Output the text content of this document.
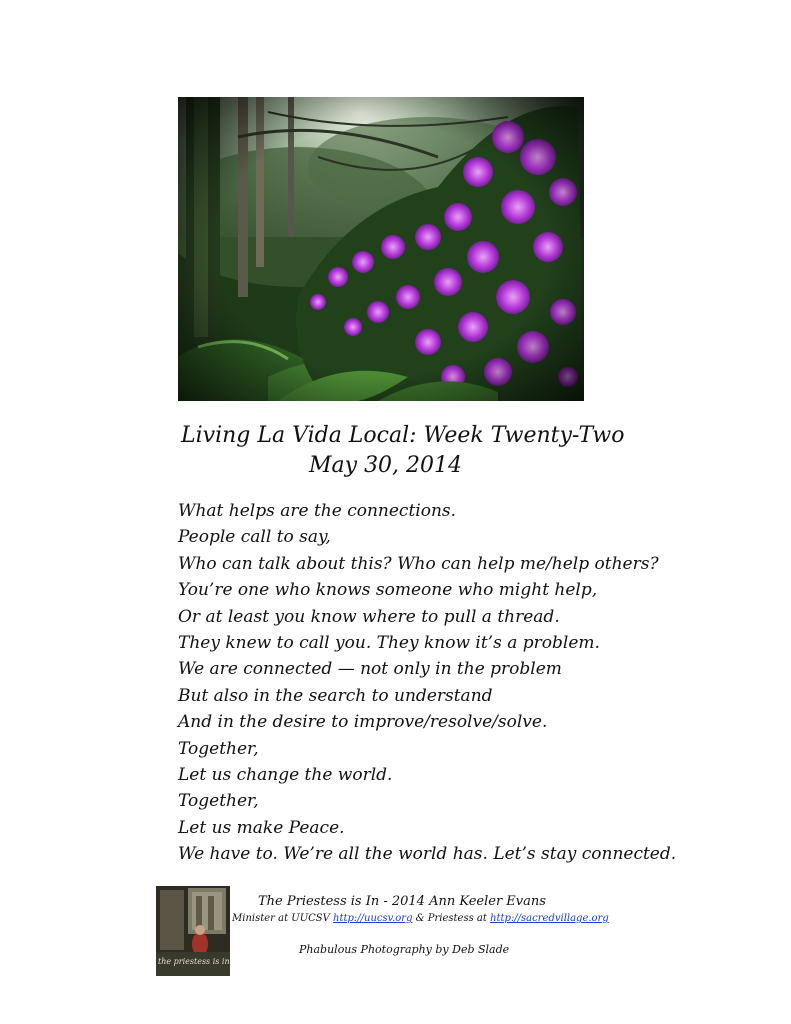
Living La Vida Local: Week Twenty-Two
May 30, 2014
What helps are the connections.
People call to say,
Who can talk about this? Who can help me/help others?
You’re one who knows someone who might help,
Or at least you know where to pull a thread.
They knew to call you. They know it’s a problem.
We are connected — not only in the problem
But also in the search to understand
And in the desire to improve/resolve/solve.
Together,
Let us change the world.
Together,
Let us make Peace.
We have to. We’re all the world has. Let’s stay connected.
the priestess is in
The Priestess is In - 2014 Ann Keeler Evans
Minister at UUCSV http://uucsv.org & Priestess at http://sacredvillage.org
Phabulous Photography by Deb Slade
